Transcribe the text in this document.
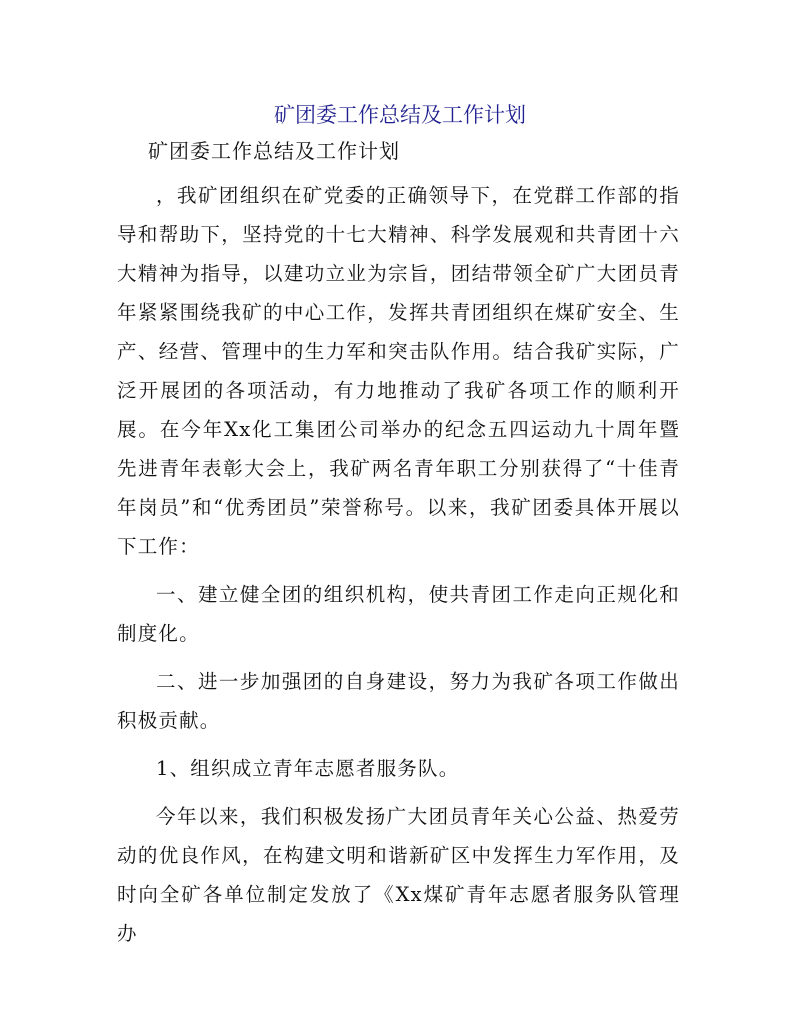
矿团委工作总结及工作计划

矿团委工作总结及工作计划

，我矿团组织在矿党委的正确领导下，在党群工作部的指导和帮助下，坚持党的十七大精神、科学发展观和共青团十六大精神为指导，以建功立业为宗旨，团结带领全矿广大团员青年紧紧围绕我矿的中心工作，发挥共青团组织在煤矿安全、生产、经营、管理中的生力军和突击队作用。结合我矿实际，广泛开展团的各项活动，有力地推动了我矿各项工作的顺利开展。在今年Xx化工集团公司举办的纪念五四运动九十周年暨先进青年表彰大会上，我矿两名青年职工分别获得了“十佳青年岗员”和“优秀团员”荣誉称号。以来，我矿团委具体开展以下工作：

一、建立健全团的组织机构，使共青团工作走向正规化和制度化。

二、进一步加强团的自身建设，努力为我矿各项工作做出积极贡献。

1、组织成立青年志愿者服务队。

今年以来，我们积极发扬广大团员青年关心公益、热爱劳动的优良作风，在构建文明和谐新矿区中发挥生力军作用，及时向全矿各单位制定发放了《Xx煤矿青年志愿者服务队管理办
